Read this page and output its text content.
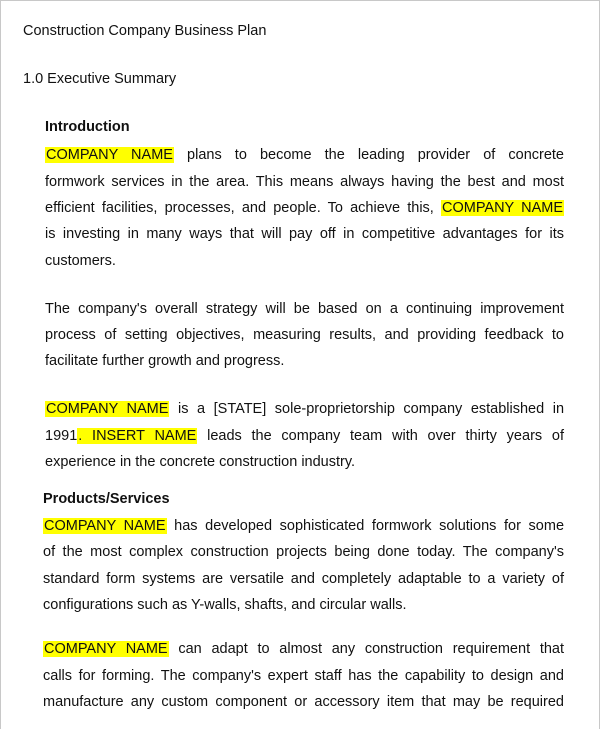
Construction Company Business Plan
1.0 Executive Summary
Introduction
COMPANY NAME plans to become the leading provider of concrete
formwork services in the area. This means always having the best and most
efficient facilities, processes, and people. To achieve this, COMPANY NAME
is investing in many ways that will pay off in competitive advantages for its
customers.
The company's overall strategy will be based on a continuing improvement
process of setting objectives, measuring results, and providing feedback to
facilitate further growth and progress.
COMPANY NAME is a [STATE] sole-proprietorship company established in
1991. INSERT NAME leads the company team with over thirty years of
experience in the concrete construction industry.
Products/Services
COMPANY NAME has developed sophisticated formwork solutions for some
of the most complex construction projects being done today. The company's
standard form systems are versatile and completely adaptable to a variety of
configurations such as Y-walls, shafts, and circular walls.
COMPANY NAME can adapt to almost any construction requirement that
calls for forming. The company's expert staff has the capability to design and
manufacture any custom component or accessory item that may be required
